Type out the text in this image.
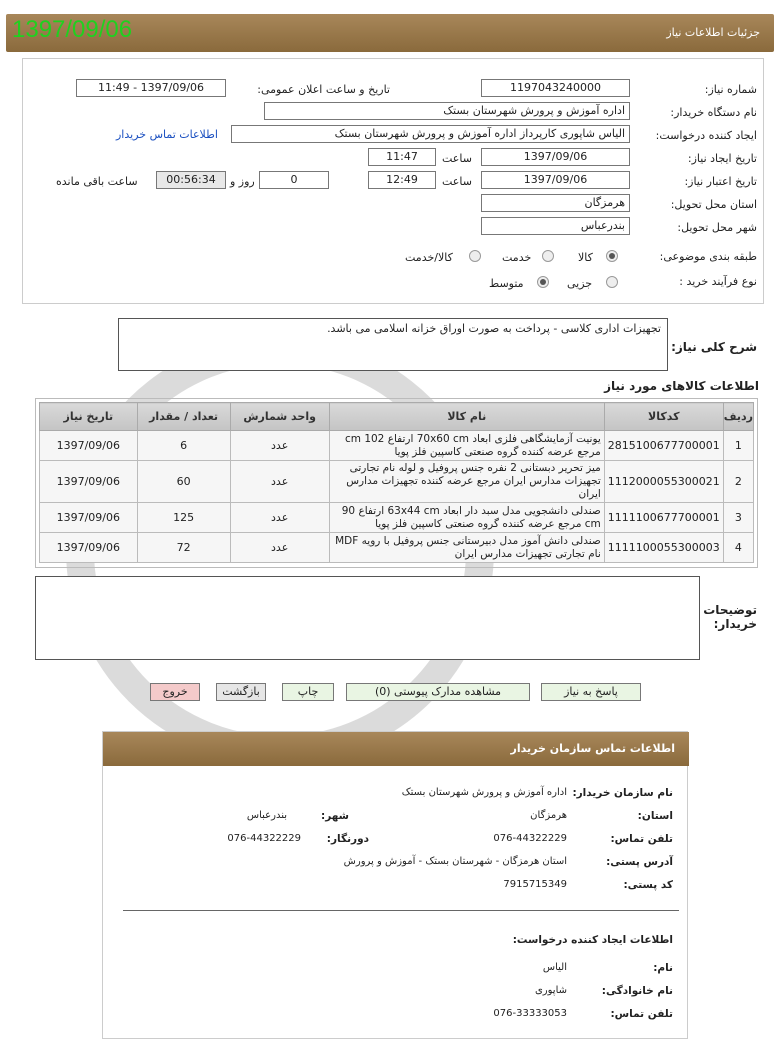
جزئیات اطلاعات نیاز
1397/09/06
شماره نیاز:
1197043240000
تاریخ و ساعت اعلان عمومی:
1397/09/06 - 11:49
نام دستگاه خریدار:
اداره آموزش و پرورش شهرستان بستک
ایجاد کننده درخواست:
الیاس شاپوری کارپرداز اداره آموزش و پرورش شهرستان بستک
اطلاعات تماس خریدار
تاریخ ایجاد نیاز:
1397/09/06
ساعت
11:47
تاریخ اعتبار نیاز:
1397/09/06
ساعت
12:49
0
روز و
00:56:34
ساعت باقی مانده
استان محل تحویل:
هرمزگان
شهر محل تحویل:
بندرعباس
طبقه بندی موضوعی:
کالا
خدمت
کالا/خدمت
نوع فرآیند خرید :
جزیی
متوسط
شرح کلی نیاز:
تجهیزات اداری کلاسی - پرداخت به صورت اوراق خزانه اسلامی می باشد.
اطلاعات کالاهای مورد نیاز
ردیف	کدکالا	نام کالا	واحد شمارش	تعداد / مقدار	تاریخ نیاز
1	2815100677700001	یونیت آزمایشگاهی فلزی ابعاد 70x60 cm ارتفاع 102 cm مرجع عرضه کننده گروه صنعتی کاسپین فلز پویا	عدد	6	1397/09/06
2	1112000055300021	میز تحریر دبستانی 2 نفره جنس پروفیل و لوله نام تجارتی تجهیزات مدارس ایران مرجع عرضه کننده تجهیزات مدارس ایران	عدد	60	1397/09/06
3	1111100677700001	صندلی دانشجویی مدل سبد دار ابعاد 63x44 cm ارتفاع 90 cm مرجع عرضه کننده گروه صنعتی کاسپین فلز پویا	عدد	125	1397/09/06
4	1111100055300003	صندلی دانش آموز مدل دبیرستانی جنس پروفیل با رویه MDF نام تجارتی تجهیزات مدارس ایران	عدد	72	1397/09/06
توضیحات خریدار:
پاسخ به نیاز
مشاهده مدارک پیوستی (0)
چاپ
بازگشت
خروج
اطلاعات تماس سازمان خریدار
نام سازمان خریدار:
اداره آموزش و پرورش شهرستان بستک
استان:
هرمزگان
شهر:
بندرعباس
تلفن تماس:
076-44322229
دورنگار:
076-44322229
آدرس پستی:
استان هرمزگان - شهرستان بستک - آموزش و پرورش
کد پستی:
7915715349
اطلاعات ایجاد کننده درخواست:
نام:
الیاس
نام خانوادگی:
شاپوری
تلفن تماس:
076-33333053
